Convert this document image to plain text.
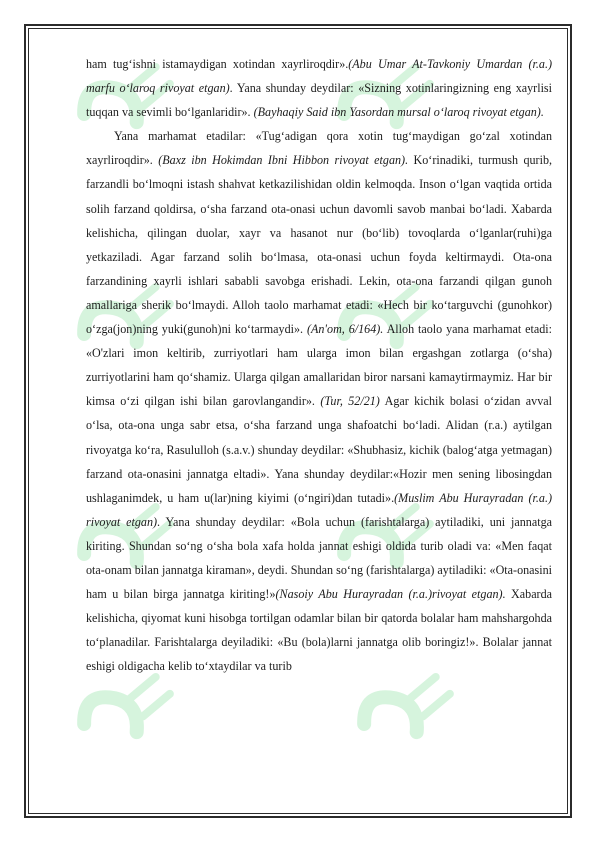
ham tug‘ishni istamaydigan xotindan xayrliroqdir».(Abu Umar At-Tavkoniy Umardan (r.a.) marfu o‘laroq rivoyat etgan). Yana shunday deydilar: «Sizning xotinlaringizning eng xayrlisi tuqqan va sevimli bo‘lganlaridir». (Bayhaqiy Said ibn Yasordan mursal o‘laroq rivoyat etgan).

Yana marhamat etadilar: «Tug‘adigan qora xotin tug‘maydigan go‘zal xotindan xayrliroqdir». (Baxz ibn Hokimdan Ibni Hibbon rivoyat etgan). Ko‘rinadiki, turmush qurib, farzandli bo‘lmoqni istash shahvat ketkazilishidan oldin kelmoqda. Inson o‘lgan vaqtida ortida solih farzand qoldirsa, o‘sha farzand ota-onasi uchun davomli savob manbai bo‘ladi. Xabarda kelishicha, qilingan duolar, xayr va hasanot nur (bo‘lib) tovoqlarda o‘lganlar(ruhi)ga yetkaziladi. Agar farzand solih bo‘lmasa, ota-onasi uchun foyda keltirmaydi. Ota-ona farzandining xayrli ishlari sababli savobga erishadi. Lekin, ota-ona farzandi qilgan gunoh amallariga sherik bo‘lmaydi. Alloh taolo marhamat etadi: «Hech bir ko‘targuvchi (gunohkor) o‘zga(jon)ning yuki(gunoh)ni ko‘tarmaydi». (An'om, 6/164). Alloh taolo yana marhamat etadi: «O'zlari imon keltirib, zurriyotlari ham ularga imon bilan ergashgan zotlarga (o‘sha) zurriyotlarini ham qo‘shamiz. Ularga qilgan amallaridan biror narsani kamaytirmaymiz. Har bir kimsa o‘zi qilgan ishi bilan garovlangandir». (Tur, 52/21) Agar kichik bolasi o‘zidan avval o‘lsa, ota-ona unga sabr etsa, o‘sha farzand unga shafoatchi bo‘ladi. Alidan (r.a.) aytilgan rivoyatga ko‘ra, Rasululloh (s.a.v.) shunday deydilar: «Shubhasiz, kichik (balog‘atga yetmagan) farzand ota-onasini jannatga eltadi». Yana shunday deydilar:«Hozir men sening libosingdan ushlaganimdek, u ham u(lar)ning kiyimi (o‘ngiri)dan tutadi».(Muslim Abu Hurayradan (r.a.) rivoyat etgan). Yana shunday deydilar: «Bola uchun (farishtalarga) aytiladiki, uni jannatga kiriting. Shundan so‘ng o‘sha bola xafa holda jannat eshigi oldida turib oladi va: «Men faqat ota-onam bilan jannatga kiraman», deydi. Shundan so‘ng (farishtalarga) aytiladiki: «Ota-onasini ham u bilan birga jannatga kiriting!»(Nasoiy Abu Hurayradan (r.a.)rivoyat etgan). Xabarda kelishicha, qiyomat kuni hisobga tortilgan odamlar bilan bir qatorda bolalar ham mahshargohda to‘planadilar. Farishtalarga deyiladiki: «Bu (bola)larni jannatga olib boringiz!». Bolalar jannat eshigi oldigacha kelib to‘xtaydilar va turib
